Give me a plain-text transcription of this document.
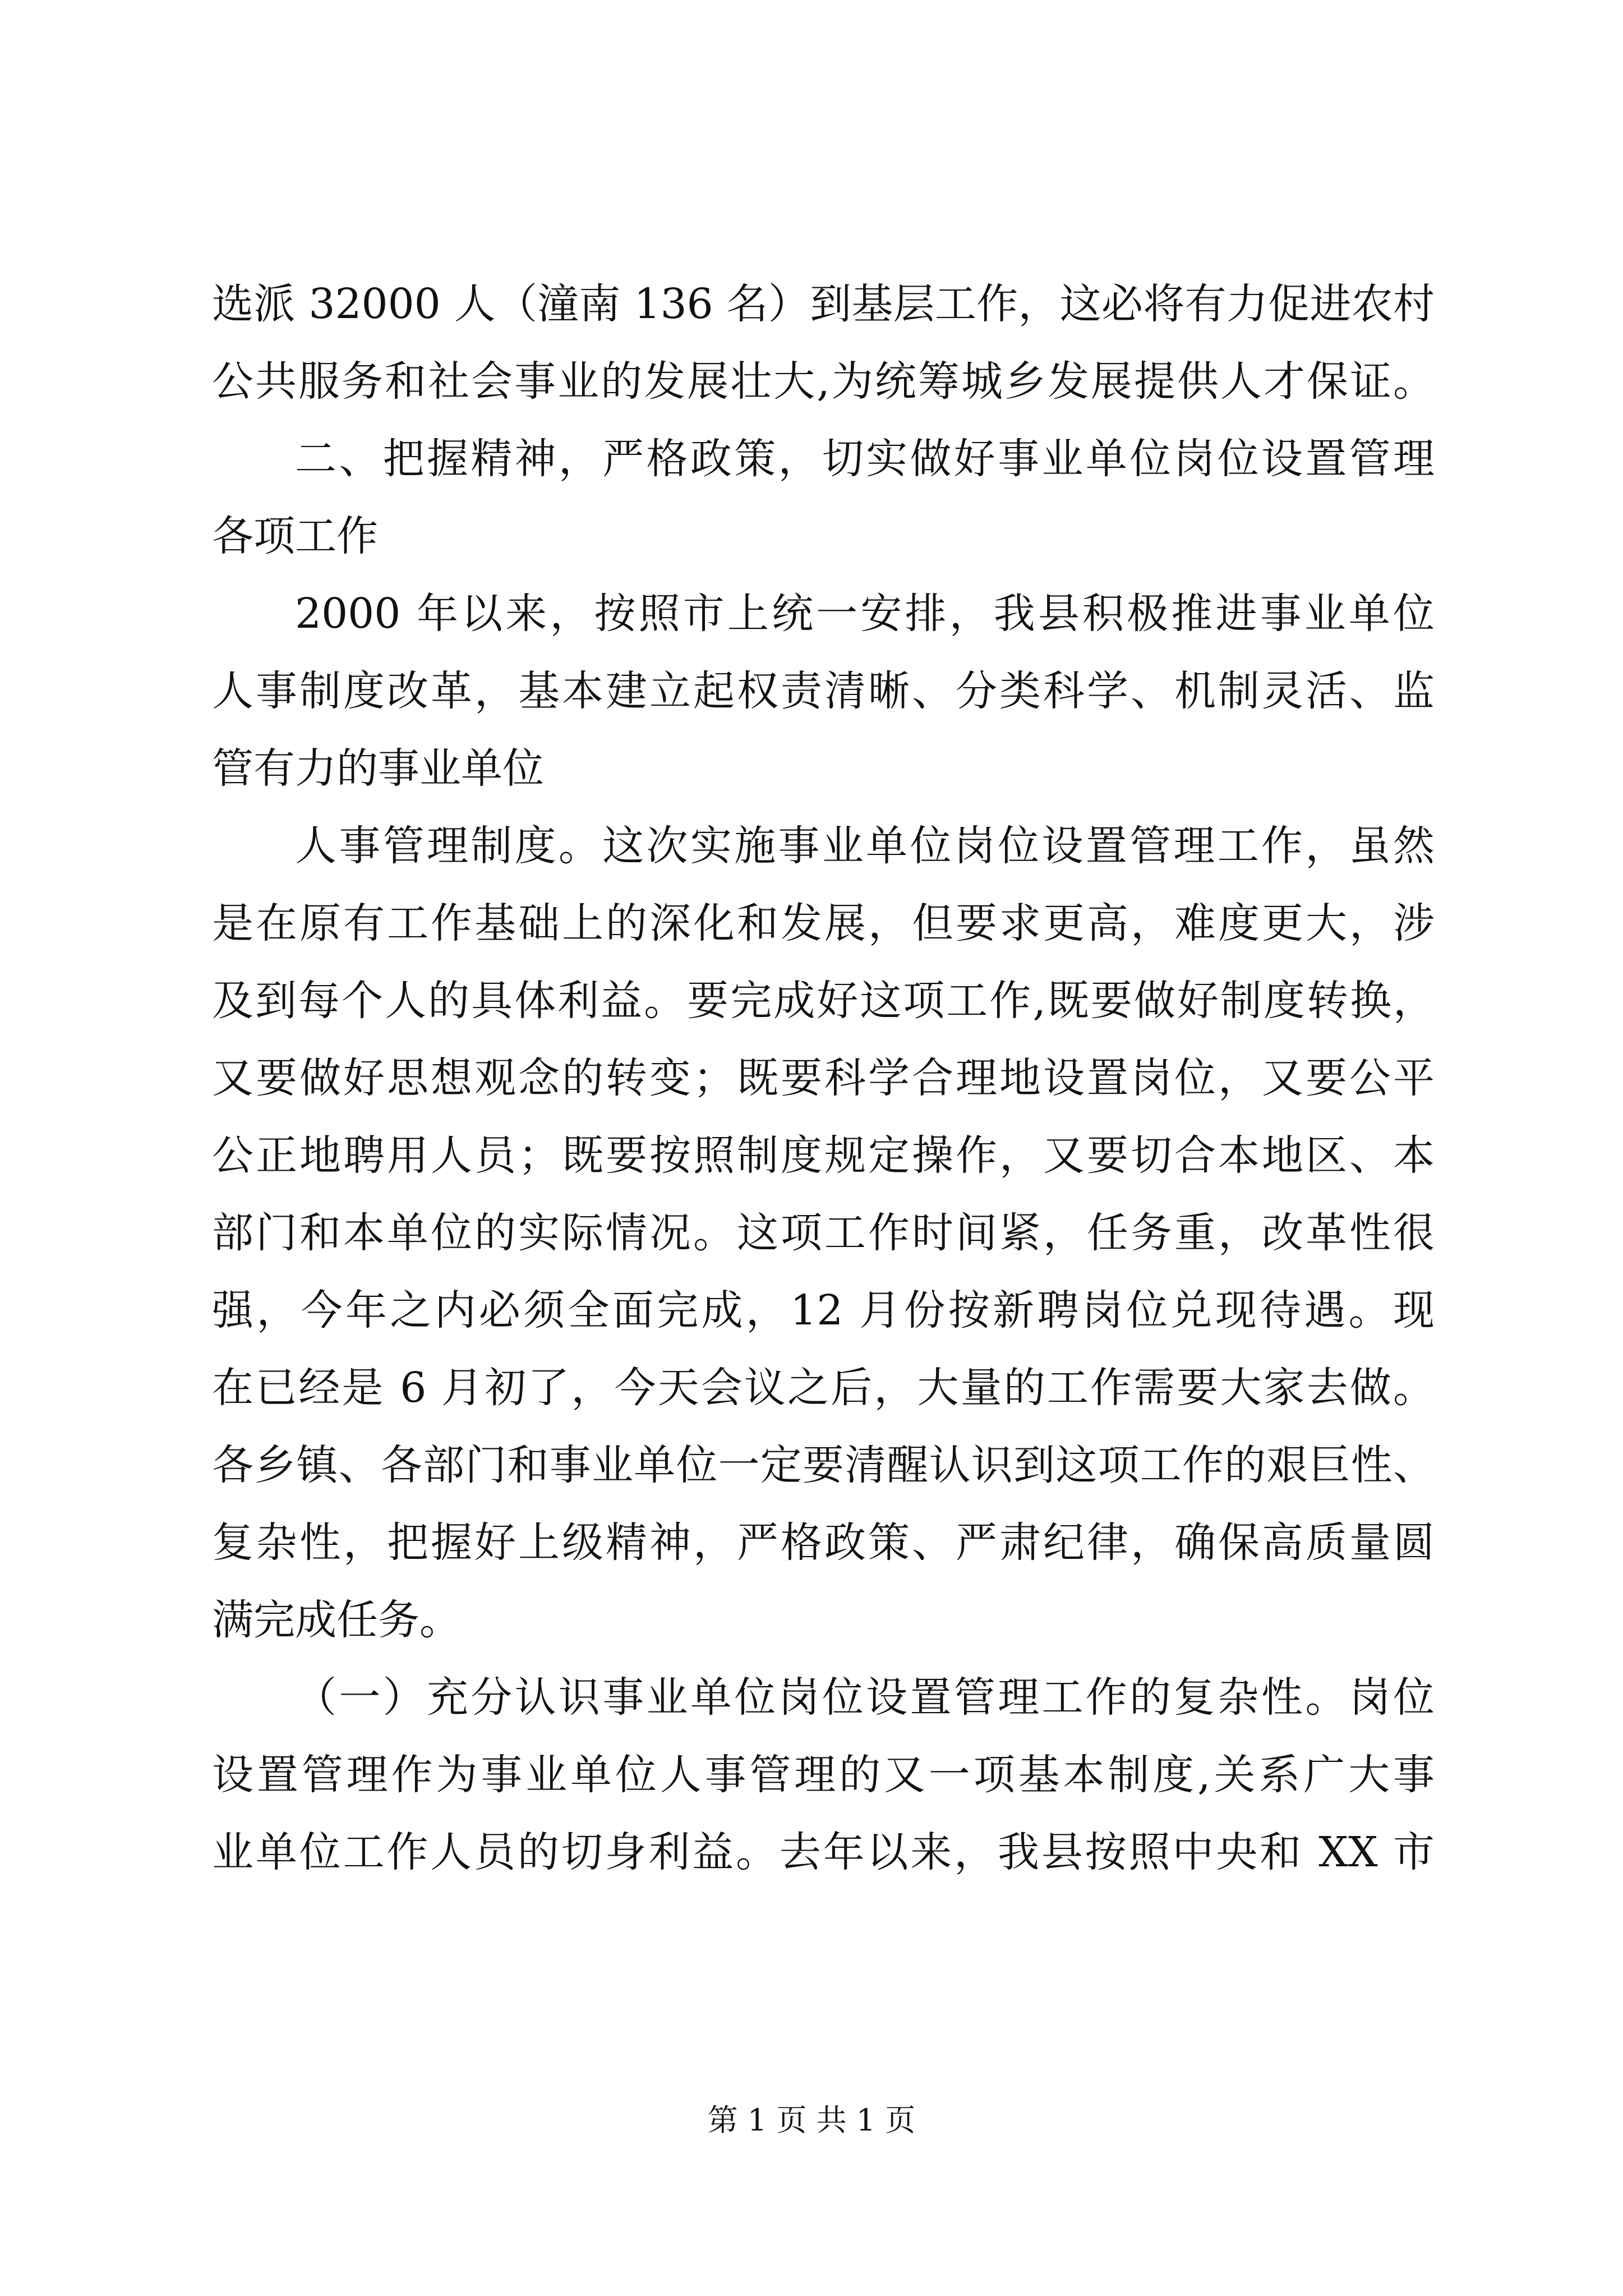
选派 32000 人（潼南 136 名）到基层工作，这必将有力促进农村
公共服务和社会事业的发展壮大,为统筹城乡发展提供人才保证。
二、把握精神，严格政策，切实做好事业单位岗位设置管理
各项工作
2000 年以来，按照市上统一安排，我县积极推进事业单位
人事制度改革，基本建立起权责清晰、分类科学、机制灵活、监
管有力的事业单位
人事管理制度。这次实施事业单位岗位设置管理工作，虽然
是在原有工作基础上的深化和发展，但要求更高，难度更大，涉
及到每个人的具体利益。要完成好这项工作,既要做好制度转换，
又要做好思想观念的转变；既要科学合理地设置岗位，又要公平
公正地聘用人员；既要按照制度规定操作，又要切合本地区、本
部门和本单位的实际情况。这项工作时间紧，任务重，改革性很
强，今年之内必须全面完成，12 月份按新聘岗位兑现待遇。现
在已经是 6 月初了，今天会议之后，大量的工作需要大家去做。
各乡镇、各部门和事业单位一定要清醒认识到这项工作的艰巨性、
复杂性，把握好上级精神，严格政策、严肃纪律，确保高质量圆
满完成任务。
（一）充分认识事业单位岗位设置管理工作的复杂性。岗位
设置管理作为事业单位人事管理的又一项基本制度,关系广大事
业单位工作人员的切身利益。去年以来，我县按照中央和 XX 市
第 1 页 共 1 页
